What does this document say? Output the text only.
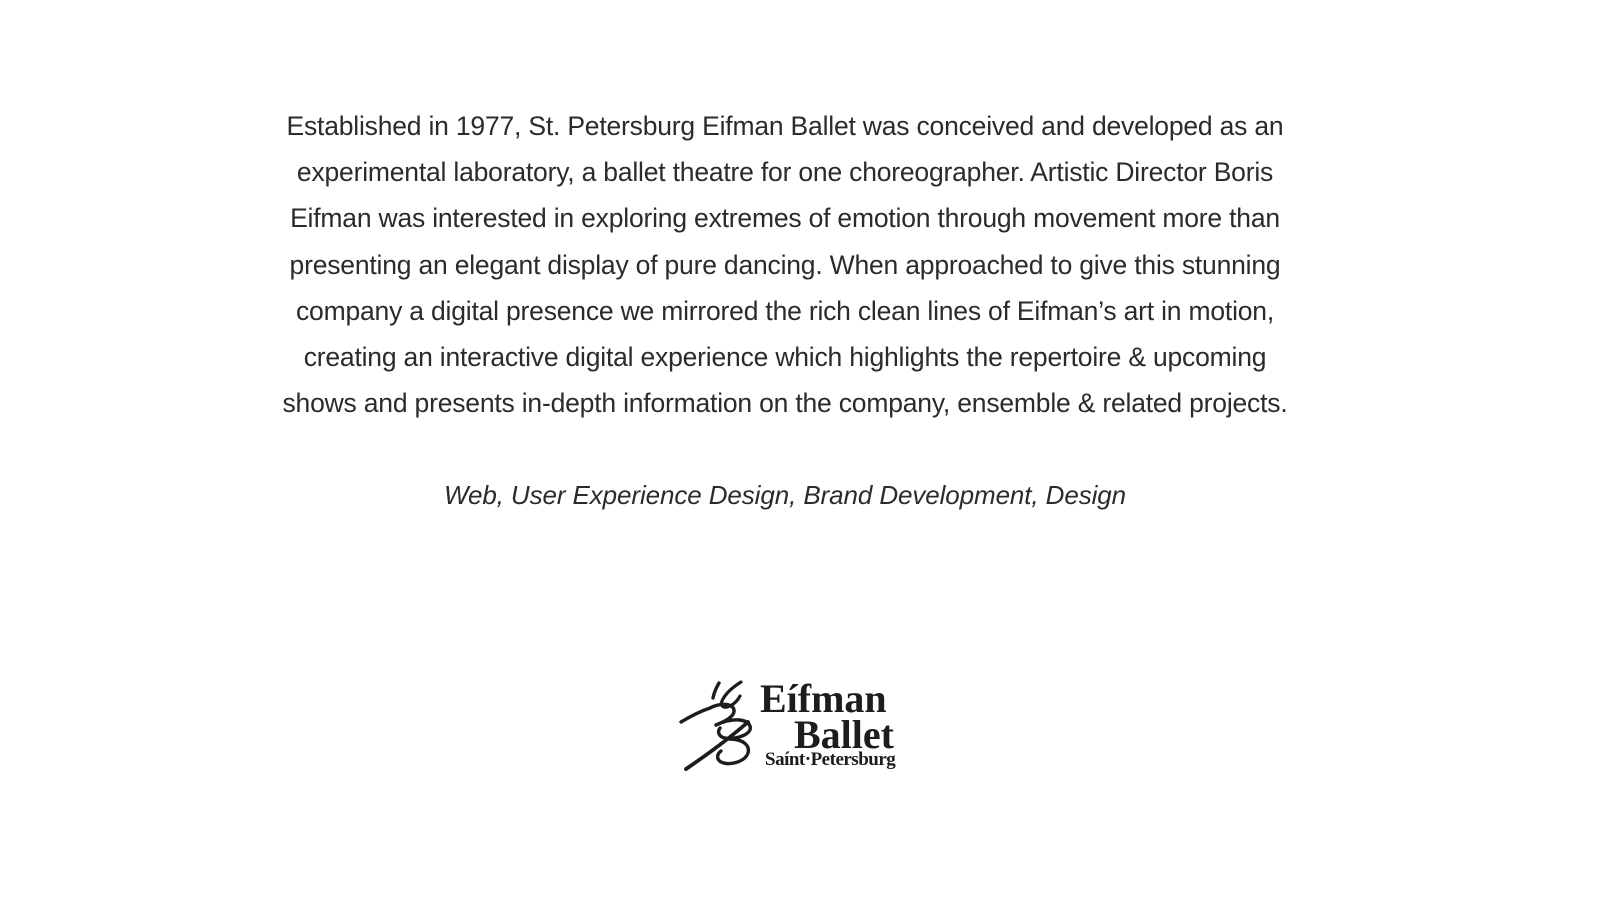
Established in 1977, St. Petersburg Eifman Ballet was conceived and developed as an
experimental laboratory, a ballet theatre for one choreographer. Artistic Director Boris
Eifman was interested in exploring extremes of emotion through movement more than
presenting an elegant display of pure dancing. When approached to give this stunning
company a digital presence we mirrored the rich clean lines of Eifman’s art in motion,
creating an interactive digital experience which highlights the repertoire & upcoming
shows and presents in-depth information on the company, ensemble & related projects.
Web, User Experience Design, Brand Development, Design
Eífman
Ballet
Saínt·Petersburg
